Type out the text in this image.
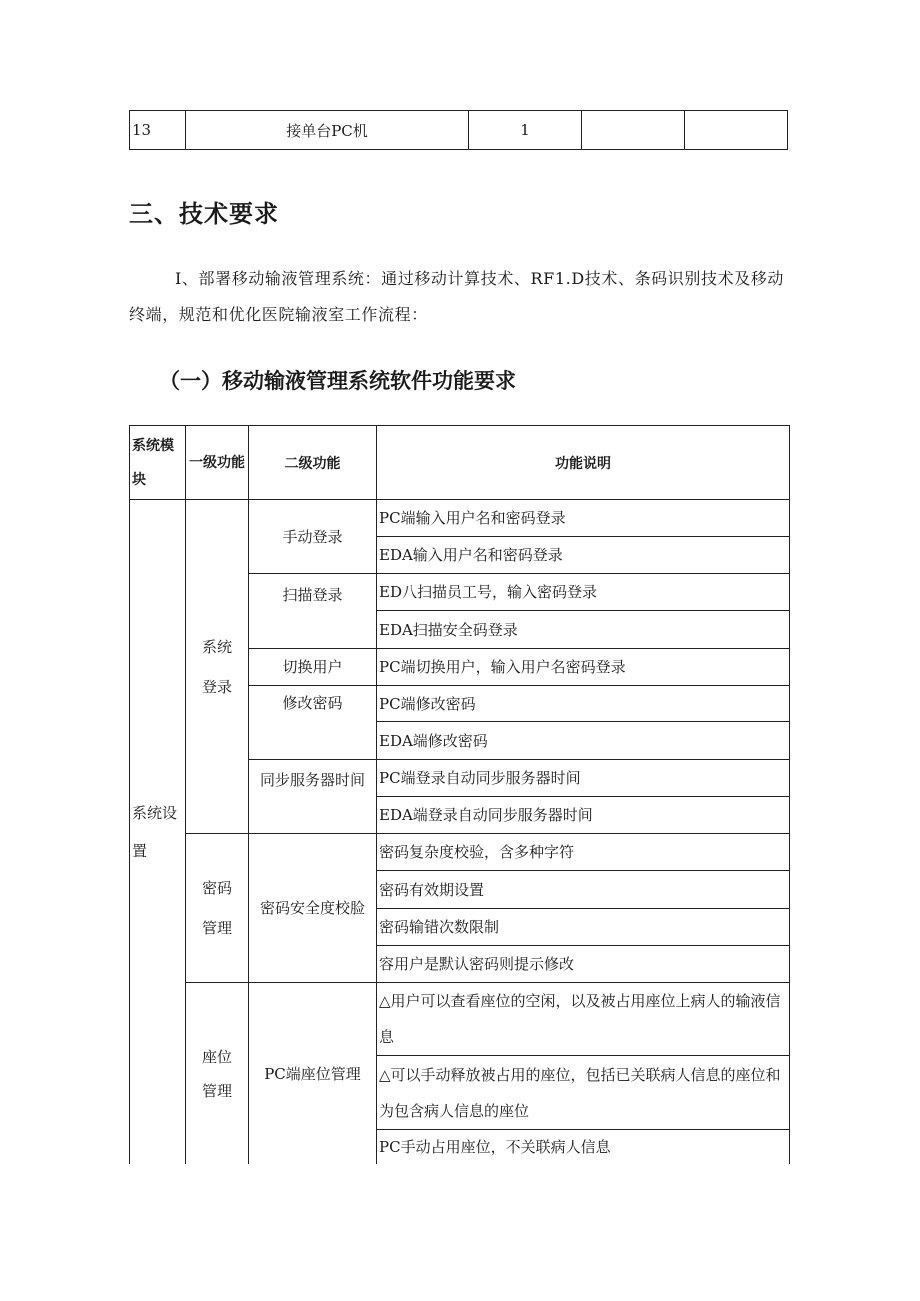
13	接单台PC机	1		
三、技术要求

I、部署移动输液管理系统：通过移动计算技术、RF1.D技术、条码识别技术及移动终端，规范和优化医院输液室工作流程：

（一）移动输液管理系统软件功能要求
系统模块	一级功能	二级功能	功能说明
系统设置	系统登录	手动登录	PC端输入用户名和密码登录
			EDA输入用户名和密码登录
		扫描登录	ED八扫描员工号，输入密码登录
			EDA扫描安全码登录
		切换用户	PC端切换用户，输入用户名密码登录
		修改密码	PC端修改密码
			EDA端修改密码
		同步服务器时间	PC端登录自动同步服务器时间
			EDA端登录自动同步服务器时间
	密码管理	密码安全度校脸	密码复杂度校验，含多种字符
			密码有效期设置
			密码输错次数限制
			容用户是默认密码则提示修改
	座位管理	PC端座位管理	△用户可以查看座位的空闲，以及被占用座位上病人的输液信息
			△可以手动释放被占用的座位，包括已关联病人信息的座位和为包含病人信息的座位
			PC手动占用座位，不关联病人信息
